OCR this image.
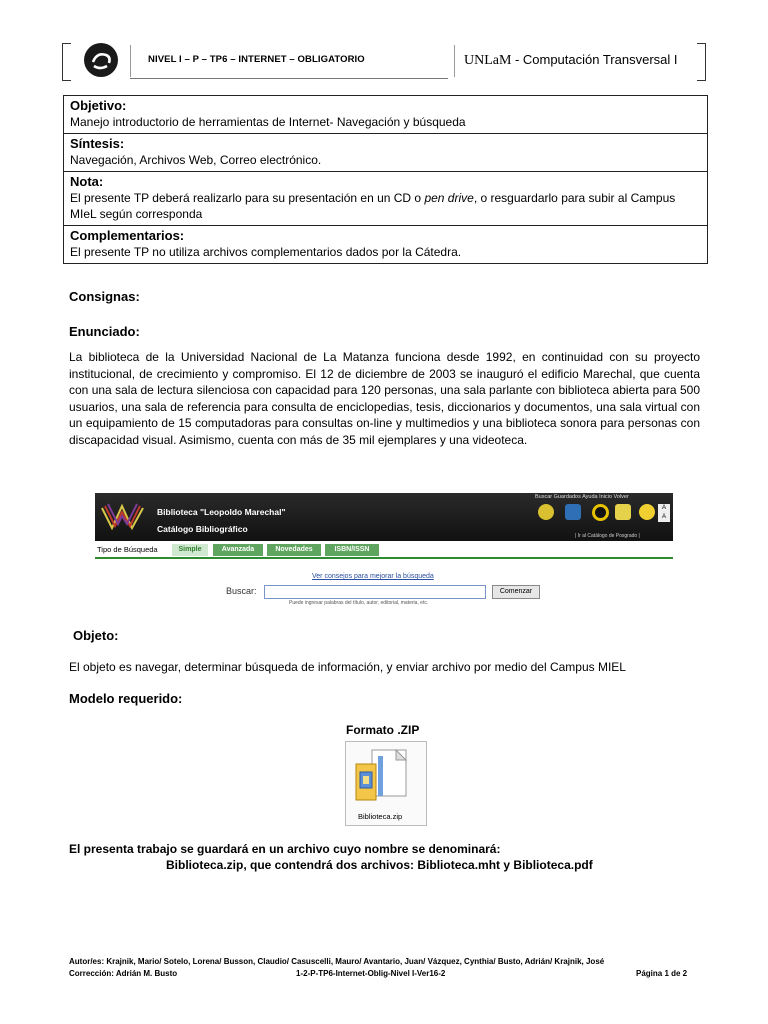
NIVEL I – P – TP6 – INTERNET – OBLIGATORIO	UNLaM - Computación Transversal I
Objetivo:
Manejo introductorio de herramientas de Internet- Navegación y búsqueda
Síntesis:
Navegación, Archivos Web, Correo electrónico.
Nota:
El presente TP deberá realizarlo para su presentación en un CD o pen drive, o resguardarlo para subir al Campus MIeL según corresponda
Complementarios:
El presente TP no utiliza archivos complementarios dados por la Cátedra.
Consignas:
Enunciado:
La biblioteca de la Universidad Nacional de La Matanza funciona desde 1992, en continuidad con su proyecto institucional, de crecimiento y compromiso. El 12 de diciembre de 2003 se inauguró el edificio Marechal, que cuenta con una sala de lectura silenciosa con capacidad para 120 personas, una sala parlante con biblioteca abierta para 500 usuarios, una sala de referencia para consulta de enciclopedias, tesis, diccionarios y documentos, una sala virtual con un equipamiento de 15 computadoras para consultas on-line y multimedios y una biblioteca sonora para personas con discapacidad visual. Asimismo, cuenta con más de 35 mil ejemplares y una videoteca.
Biblioteca "Leopoldo Marechal"
Catálogo Bibliográfico
Buscar Guardados Ayuda Inicio Volver
A
A
| Ir al Catálogo de Posgrado |
Tipo de Búsqueda	Simple	Avanzada	Novedades	ISBN/ISSN
Ver consejos para mejorar la búsqueda
Buscar:	Comenzar
Puede ingresar palabras del título, autor, editorial, materia, etc.
Objeto:
El objeto es navegar, determinar búsqueda de información, y enviar archivo por medio del Campus MIEL
Modelo requerido:
Formato .ZIP
Biblioteca.zip
El presenta trabajo se guardará en un archivo cuyo nombre se denominará:
Biblioteca.zip, que contendrá dos archivos: Biblioteca.mht y Biblioteca.pdf
Autor/es: Krajnik, Mario/ Sotelo, Lorena/ Busson, Claudio/ Casuscelli, Mauro/ Avantario, Juan/ Vázquez, Cynthia/ Busto, Adrián/ Krajnik, José
Corrección: Adrián M. Busto	1-2-P-TP6-Internet-Oblig-Nivel I-Ver16-2	Página 1 de 2
